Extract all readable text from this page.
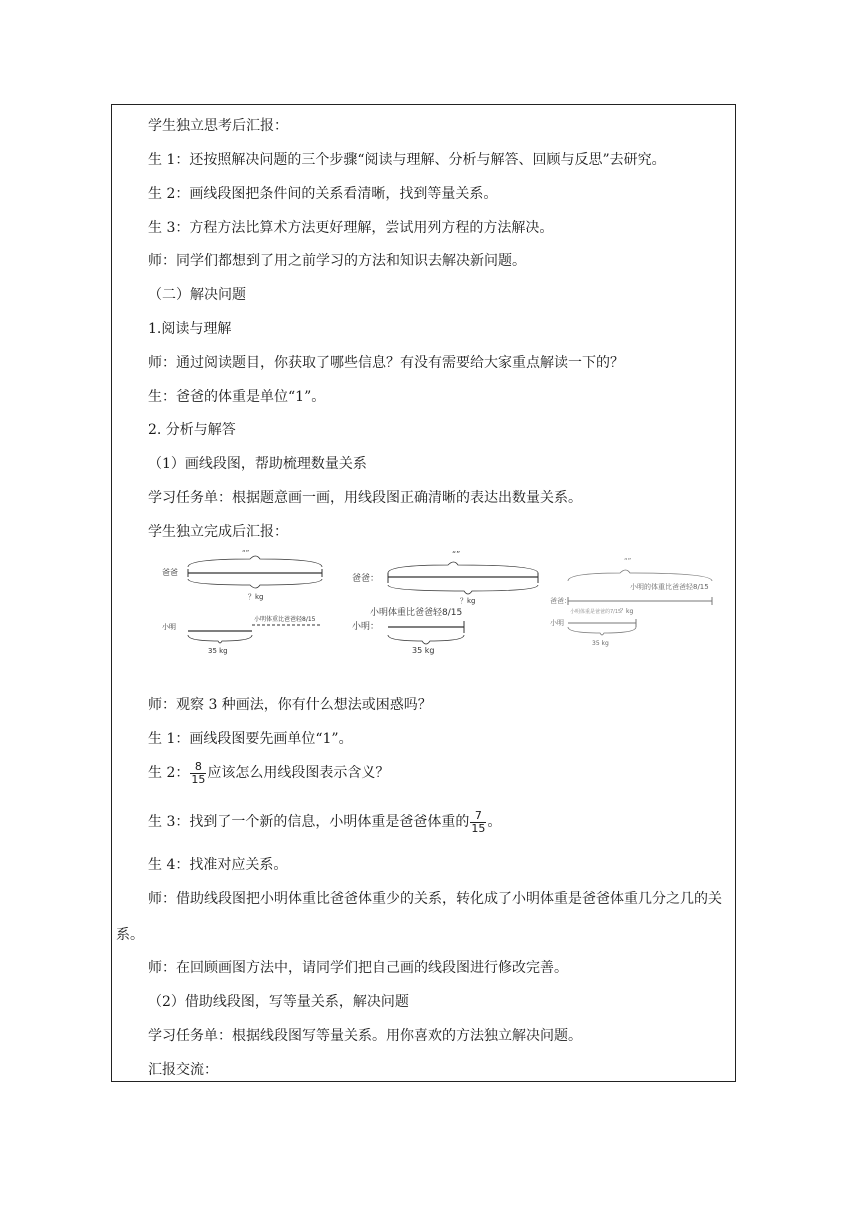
学生独立思考后汇报：
生 1：还按照解决问题的三个步骤“阅读与理解、分析与解答、回顾与反思”去研究。
生 2：画线段图把条件间的关系看清晰，找到等量关系。
生 3：方程方法比算术方法更好理解，尝试用列方程的方法解决。
师：同学们都想到了用之前学习的方法和知识去解决新问题。
（二）解决问题
1.阅读与理解
师：通过阅读题目，你获取了哪些信息？有没有需要给大家重点解读一下的？
生：爸爸的体重是单位“1”。
2. 分析与解答
（1）画线段图，帮助梳理数量关系
学习任务单：根据题意画一画，用线段图正确清晰的表达出数量关系。
学生独立完成后汇报：
“”
爸爸
？kg
小明
小明体重比爸爸轻8/15
35 kg
“”
爸爸：
？kg
小明体重比爸爸轻8/15
小明：
35 kg
“”
小明的体重比爸爸轻8/15
爸爸：
？kg
小明体重是爸爸的7/15
小明
35 kg
师：观察 3 种画法，你有什么想法或困惑吗？
生 1：画线段图要先画单位“1”。
生 2： $\frac{8}{15}$ 应该怎么用线段图表示含义？
生 3：找到了一个新的信息，小明体重是爸爸体重的 $\frac{7}{15}$ 。
生 4：找准对应关系。
师：借助线段图把小明体重比爸爸体重少的关系，转化成了小明体重是爸爸体重几分之几的关系。
师：在回顾画图方法中，请同学们把自己画的线段图进行修改完善。
（2）借助线段图，写等量关系，解决问题
学习任务单：根据线段图写等量关系。用你喜欢的方法独立解决问题。
汇报交流：
